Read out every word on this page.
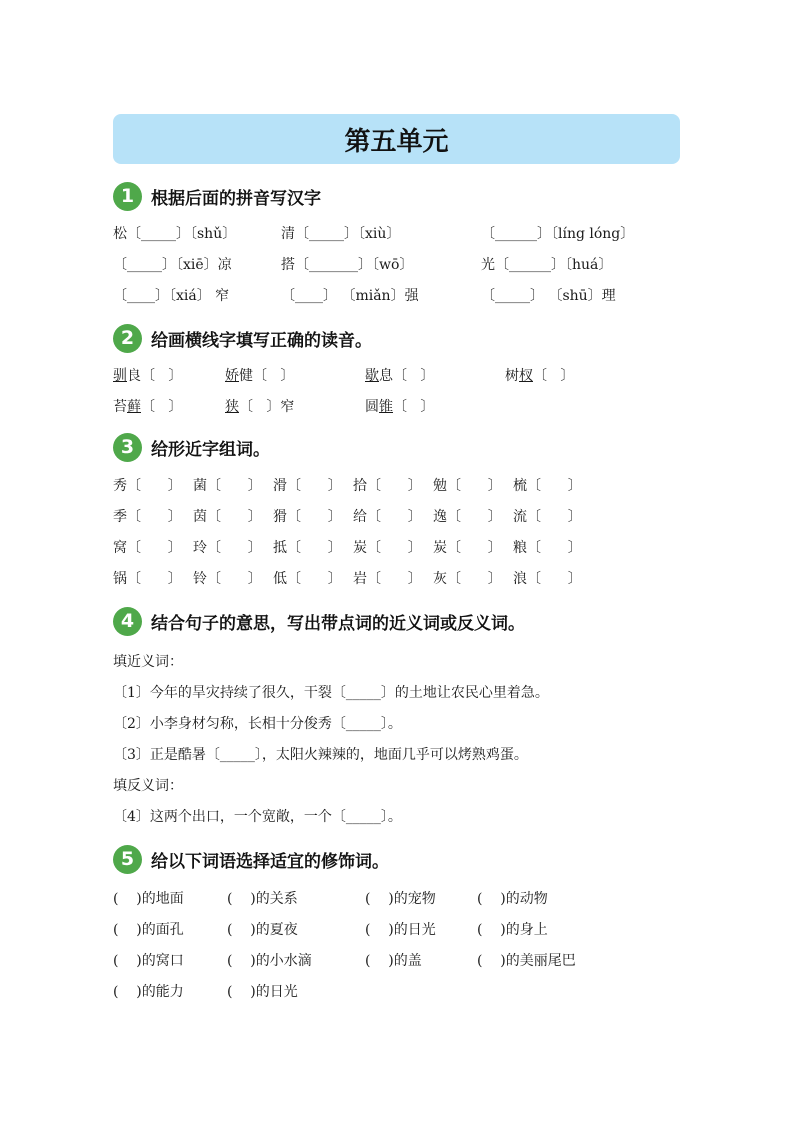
第五单元
1 根据后面的拼音写汉字
松〔_____〕〔shǔ〕	清〔_____〕〔xiù〕	〔______〕〔líng lóng〕
〔_____〕〔xiē〕凉	搭〔_______〕〔wō〕	光〔______〕〔huá〕
〔____〕〔xiá〕 窄	〔____〕 〔miǎn〕强	〔_____〕 〔shū〕理
2 给画横线字填写正确的读音。
驯良〔   〕	娇健〔   〕	歇息〔   〕	树杈〔   〕
苔藓〔   〕	狭〔   〕窄	圆锥〔   〕
3 给形近字组词。
秀〔      〕 菌〔      〕 滑〔      〕 拾〔      〕 勉〔      〕 梳〔      〕
季〔      〕 茵〔      〕 猾〔      〕 给〔      〕 逸〔      〕 流〔      〕
窝〔      〕 玲〔      〕 抵〔      〕 炭〔      〕 炭〔      〕 粮〔      〕
锅〔      〕 铃〔      〕 低〔      〕 岩〔      〕 灰〔      〕 浪〔      〕
4 结合句子的意思，写出带点词的近义词或反义词。
填近义词：
〔1〕今年的旱灾持续了很久，干裂〔_____〕的土地让农民心里着急。
〔2〕小李身材匀称，长相十分俊秀〔_____〕。
〔3〕正是酷暑〔_____〕，太阳火辣辣的，地面几乎可以烤熟鸡蛋。
填反义词：
〔4〕这两个出口，一个宽敞，一个〔_____〕。
5 给以下词语选择适宜的修饰词。
(    )的地面	(    )的关系	(    )的宠物	(    )的动物
(    )的面孔	(    )的夏夜	(    )的日光	(    )的身上
(    )的窝口	(    )的小水滴	(    )的盖	(    )的美丽尾巴
(    )的能力	(    )的日光
